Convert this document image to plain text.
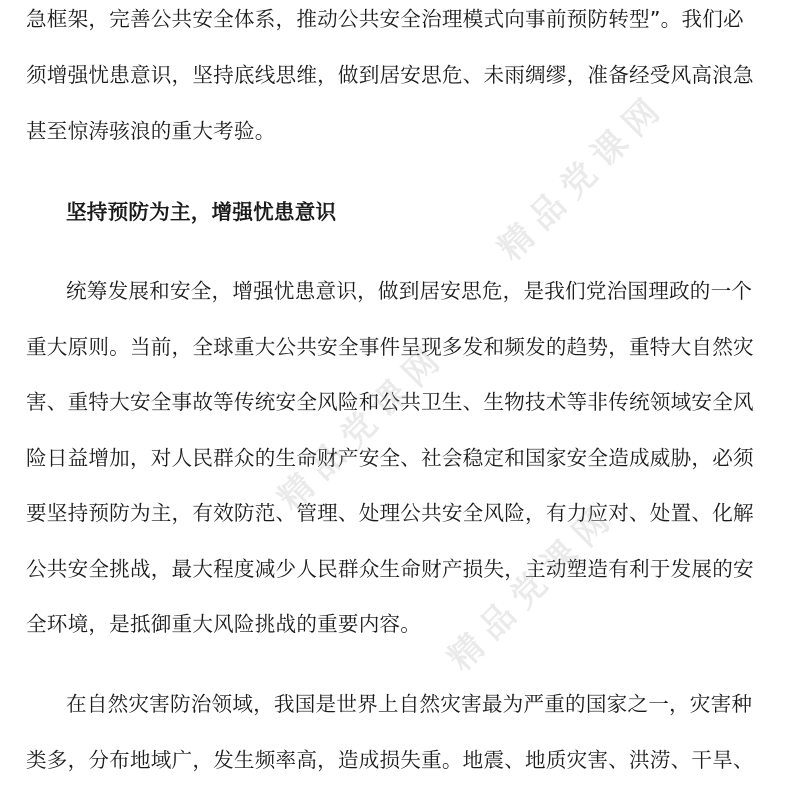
急框架，完善公共安全体系，推动公共安全治理模式向事前预防转型”。我们必
须增强忧患意识，坚持底线思维，做到居安思危、未雨绸缪，准备经受风高浪急
甚至惊涛骇浪的重大考验。
坚持预防为主，增强忧患意识
统筹发展和安全，增强忧患意识，做到居安思危，是我们党治国理政的一个
重大原则。当前，全球重大公共安全事件呈现多发和频发的趋势，重特大自然灾
害、重特大安全事故等传统安全风险和公共卫生、生物技术等非传统领域安全风
险日益增加，对人民群众的生命财产安全、社会稳定和国家安全造成威胁，必须
要坚持预防为主，有效防范、管理、处理公共安全风险，有力应对、处置、化解
公共安全挑战，最大程度减少人民群众生命财产损失，主动塑造有利于发展的安
全环境，是抵御重大风险挑战的重要内容。
在自然灾害防治领域，我国是世界上自然灾害最为严重的国家之一，灾害种
类多，分布地域广，发生频率高，造成损失重。地震、地质灾害、洪涝、干旱、
精品党课网
精品党课网
精品党课网
